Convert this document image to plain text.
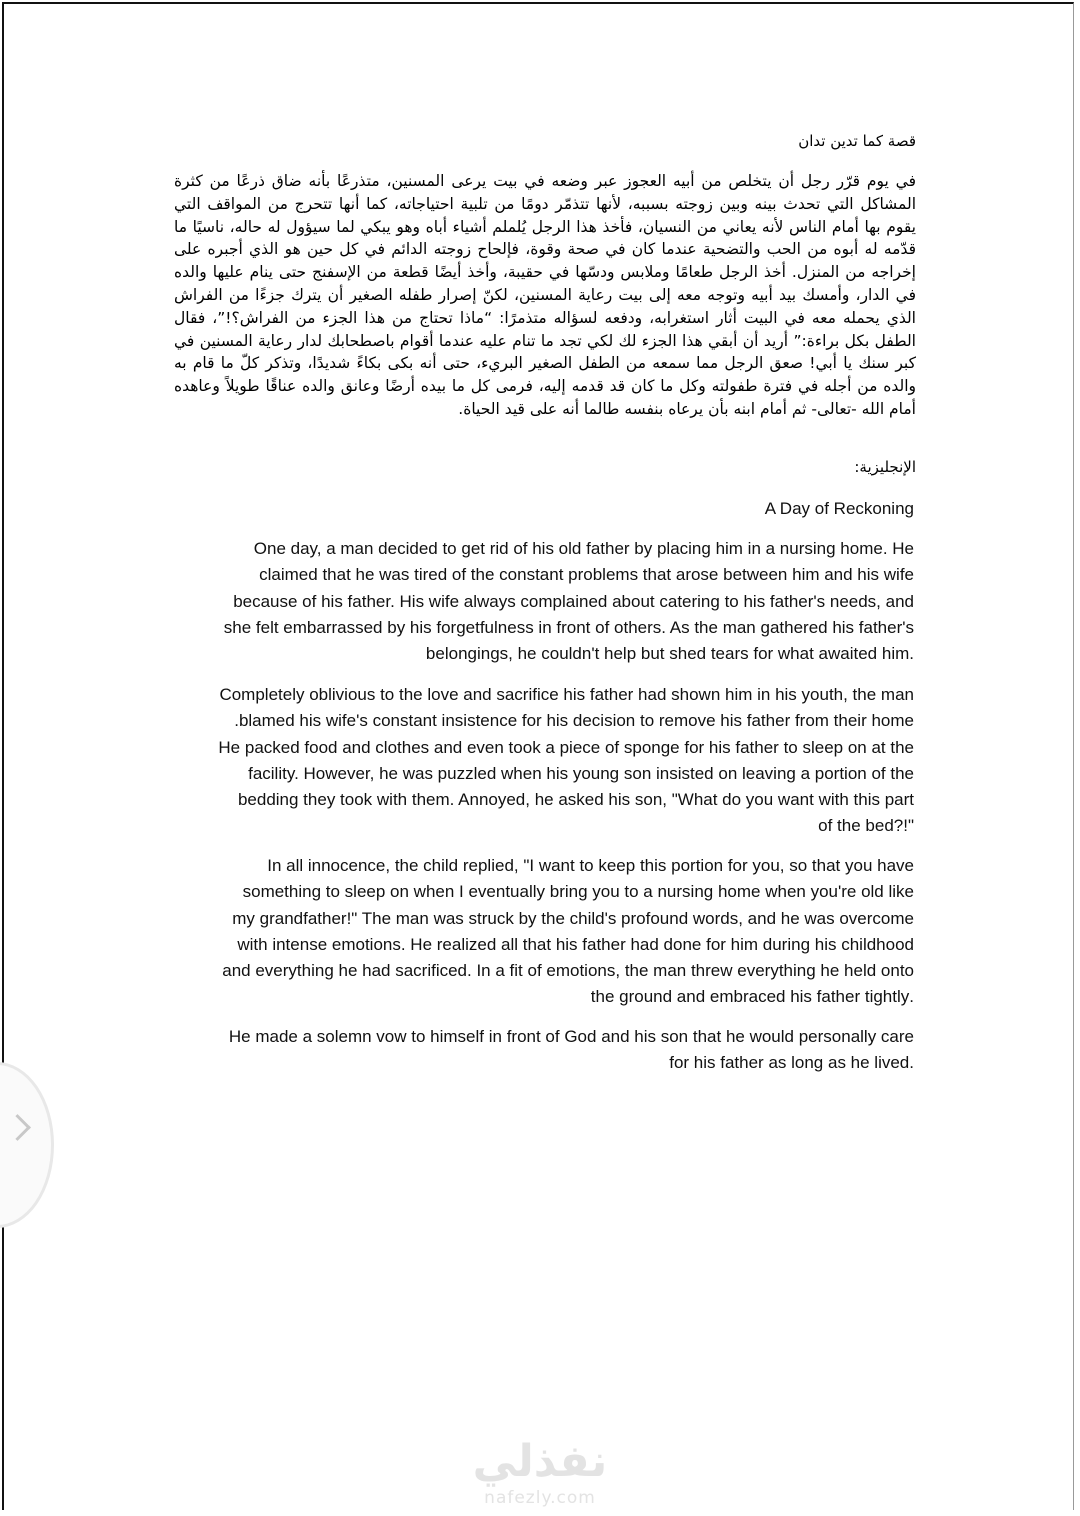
قصة كما تدين تدان
في يوم قرّر رجل أن يتخلص من أبيه العجوز عبر وضعه في بيت يرعى المسنين، متذرعًا بأنه ضاق ذرعًا من كثرة المشاكل التي تحدث بينه وبين زوجته بسببه، لأنها تتذمّر دومًا من تلبية احتياجاته، كما أنها تتحرج من المواقف التي يقوم بها أمام الناس لأنه يعاني من النسيان، فأخذ هذا الرجل يُلملم أشياء أباه وهو يبكي لما سيؤول له حاله، ناسيًا ما قدّمه له أبوه من الحب والتضحية عندما كان في صحة وقوة، فإلحاح زوجته الدائم في كل حين هو الذي أجبره على إخراجه من المنزل. أخذ الرجل طعامًا وملابس ودسّها في حقيبة، وأخذ أيضًا قطعة من الإسفنج حتى ينام عليها والده في الدار، وأمسك بيد أبيه وتوجه معه إلى بيت رعاية المسنين، لكنّ إصرار طفله الصغير أن يترك جزءًا من الفراش الذي يحمله معه في البيت أثار استغرابه، ودفعه لسؤاله متذمرًا: “ماذا تحتاج من هذا الجزء من الفراش؟!”، فقال الطفل بكل براءة:” أريد أن أبقي هذا الجزء لك لكي تجد ما تنام عليه عندما أقوام باصطحابك لدار رعاية المسنين في كبر سنك يا أبي! صعق الرجل مما سمعه من الطفل الصغير البريء، حتى أنه بكى بكاءً شديدًا، وتذكر كلّ ما قام به والده من أجله في فترة طفولته وكل ما كان قد قدمه إليه، فرمى كل ما بيده أرضًا وعانق والده عناقًا طويلاً وعاهده أمام الله -تعالى- ثم أمام ابنه بأن يرعاه بنفسه طالما أنه على قيد الحياة.
الإنجليزية:
A Day of Reckoning
One day, a man decided to get rid of his old father by placing him in a nursing home. He
claimed that he was tired of the constant problems that arose between him and his wife
because of his father. His wife always complained about catering to his father's needs, and
she felt embarrassed by his forgetfulness in front of others. As the man gathered his father's
.belongings, he couldn't help but shed tears for what awaited him
Completely oblivious to the love and sacrifice his father had shown him in his youth, the man
blamed his wife's constant insistence for his decision to remove his father from their home.
He packed food and clothes and even took a piece of sponge for his father to sleep on at the
facility. However, he was puzzled when his young son insisted on leaving a portion of the
bedding they took with them. Annoyed, he asked his son, "What do you want with this part
"!?of the bed
In all innocence, the child replied, "I want to keep this portion for you, so that you have
something to sleep on when I eventually bring you to a nursing home when you're old like
my grandfather!" The man was struck by the child's profound words, and he was overcome
with intense emotions. He realized all that his father had done for him during his childhood
and everything he had sacrificed. In a fit of emotions, the man threw everything he held onto
.the ground and embraced his father tightly
He made a solemn vow to himself in front of God and his son that he would personally care
.for his father as long as he lived
نفذلي
nafezly.com
